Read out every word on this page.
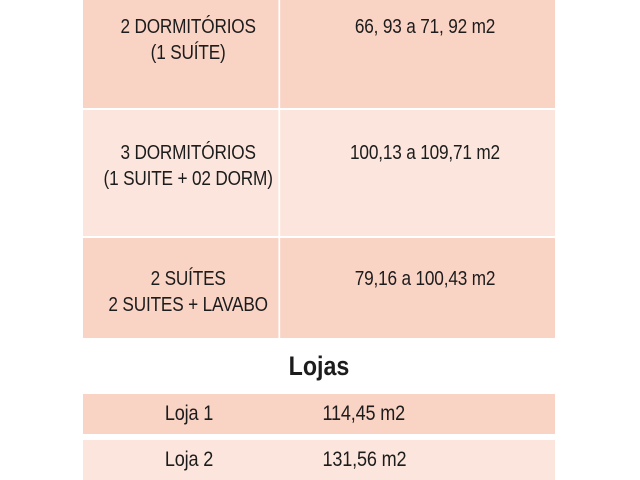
2 DORMITÓRIOS
(1 SUÍTE)
66, 93 a 71, 92 m2
3 DORMITÓRIOS
(1 SUITE + 02 DORM)
100,13 a 109,71 m2
2 SUÍTES
2 SUITES + LAVABO
79,16 a 100,43 m2
Lojas
Loja 1	114,45 m2
Loja 2	131,56 m2
